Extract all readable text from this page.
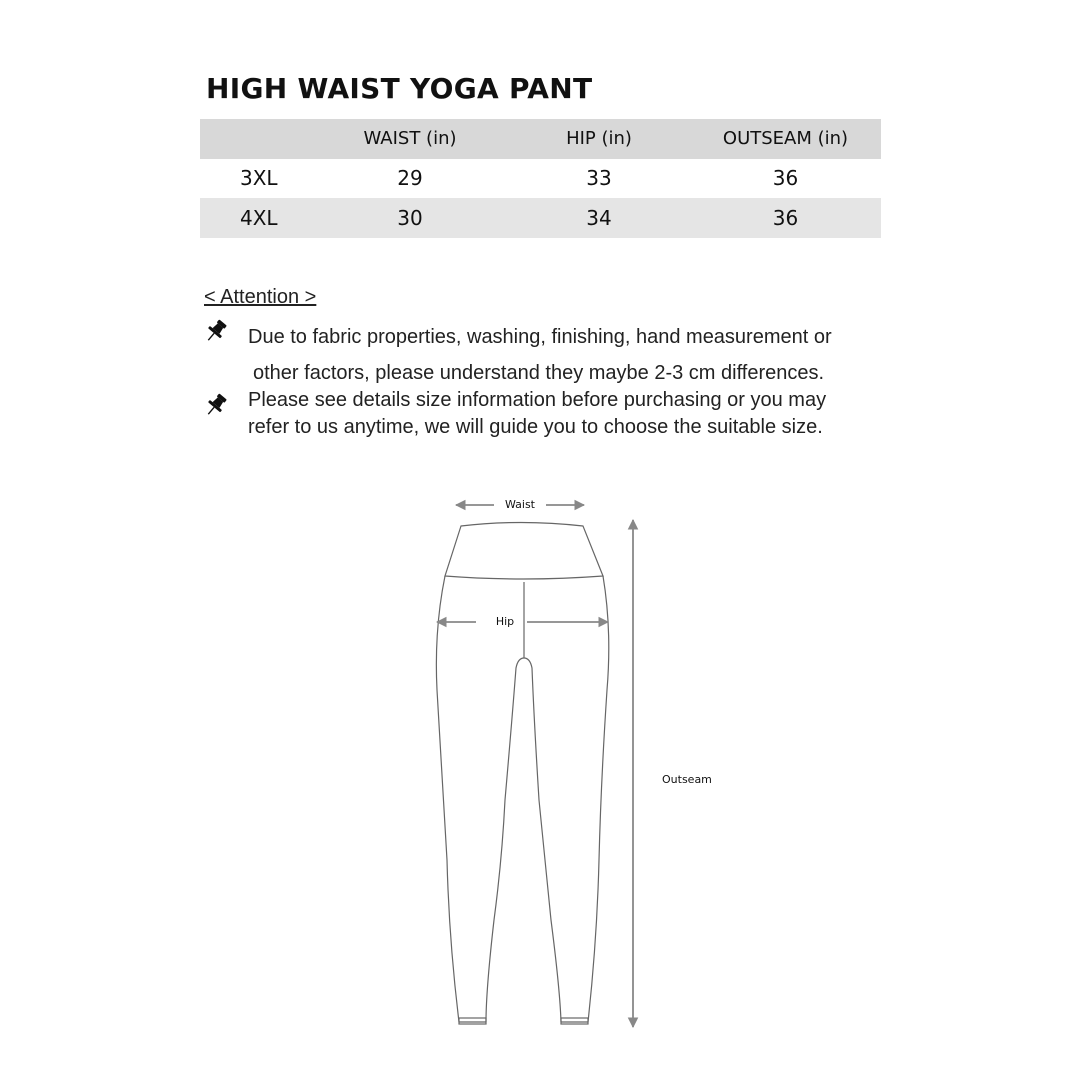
HIGH WAIST YOGA PANT
	WAIST (in)	HIP (in)	OUTSEAM (in)
3XL	29	33	36
4XL	30	34	36
< Attention >
Due to fabric properties, washing, finishing, hand measurement or
other factors, please understand they maybe 2-3 cm differences.
Please see details size information before purchasing or you may
refer to us anytime, we will guide you to choose the suitable size.
Waist
Hip
Outseam
